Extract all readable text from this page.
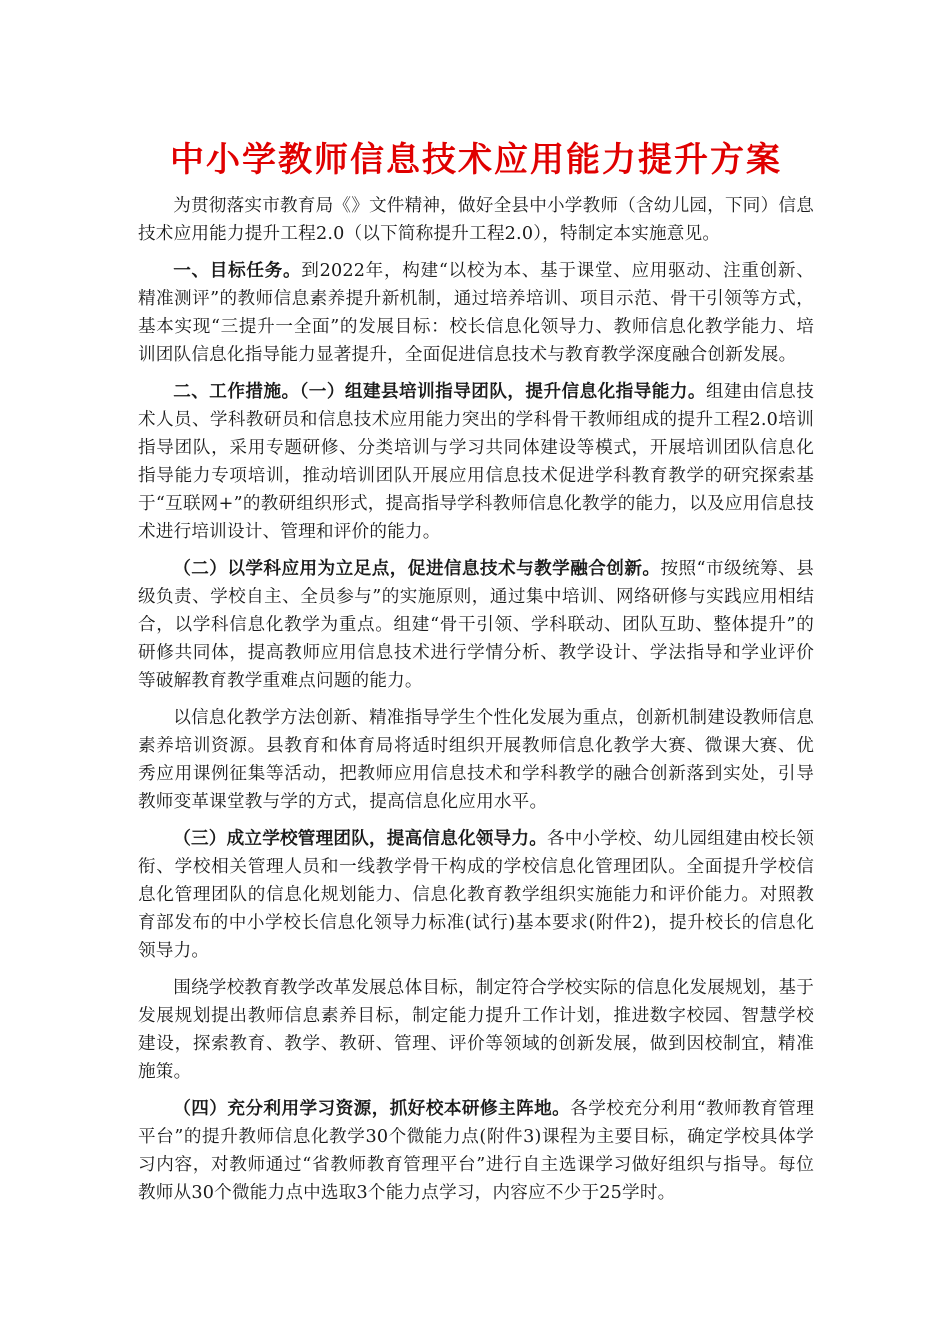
中小学教师信息技术应用能力提升方案

为贯彻落实市教育局《》文件精神，做好全县中小学教师（含幼儿园，下同）信息技术应用能力提升工程2.0（以下简称提升工程2.0），特制定本实施意见。

一、目标任务。到2022年，构建“以校为本、基于课堂、应用驱动、注重创新、精准测评”的教师信息素养提升新机制，通过培养培训、项目示范、骨干引领等方式，基本实现“三提升一全面”的发展目标：校长信息化领导力、教师信息化教学能力、培训团队信息化指导能力显著提升，全面促进信息技术与教育教学深度融合创新发展。

二、工作措施。（一）组建县培训指导团队，提升信息化指导能力。组建由信息技术人员、学科教研员和信息技术应用能力突出的学科骨干教师组成的提升工程2.0培训指导团队，采用专题研修、分类培训与学习共同体建设等模式，开展培训团队信息化指导能力专项培训，推动培训团队开展应用信息技术促进学科教育教学的研究探索基于“互联网+”的教研组织形式，提高指导学科教师信息化教学的能力，以及应用信息技术进行培训设计、管理和评价的能力。

（二）以学科应用为立足点，促进信息技术与教学融合创新。按照“市级统筹、县级负责、学校自主、全员参与”的实施原则，通过集中培训、网络研修与实践应用相结合，以学科信息化教学为重点。组建“骨干引领、学科联动、团队互助、整体提升”的研修共同体，提高教师应用信息技术进行学情分析、教学设计、学法指导和学业评价等破解教育教学重难点问题的能力。

以信息化教学方法创新、精准指导学生个性化发展为重点，创新机制建设教师信息素养培训资源。县教育和体育局将适时组织开展教师信息化教学大赛、微课大赛、优秀应用课例征集等活动，把教师应用信息技术和学科教学的融合创新落到实处，引导教师变革课堂教与学的方式，提高信息化应用水平。

（三）成立学校管理团队，提高信息化领导力。各中小学校、幼儿园组建由校长领衔、学校相关管理人员和一线教学骨干构成的学校信息化管理团队。全面提升学校信息化管理团队的信息化规划能力、信息化教育教学组织实施能力和评价能力。对照教育部发布的中小学校长信息化领导力标准(试行)基本要求(附件2)，提升校长的信息化领导力。

围绕学校教育教学改革发展总体目标，制定符合学校实际的信息化发展规划，基于发展规划提出教师信息素养目标，制定能力提升工作计划，推进数字校园、智慧学校建设，探索教育、教学、教研、管理、评价等领域的创新发展，做到因校制宜，精准施策。

（四）充分利用学习资源，抓好校本研修主阵地。各学校充分利用“教师教育管理平台”的提升教师信息化教学30个微能力点(附件3)课程为主要目标，确定学校具体学习内容，对教师通过“省教师教育管理平台”进行自主选课学习做好组织与指导。每位教师从30个微能力点中选取3个能力点学习，内容应不少于25学时。
